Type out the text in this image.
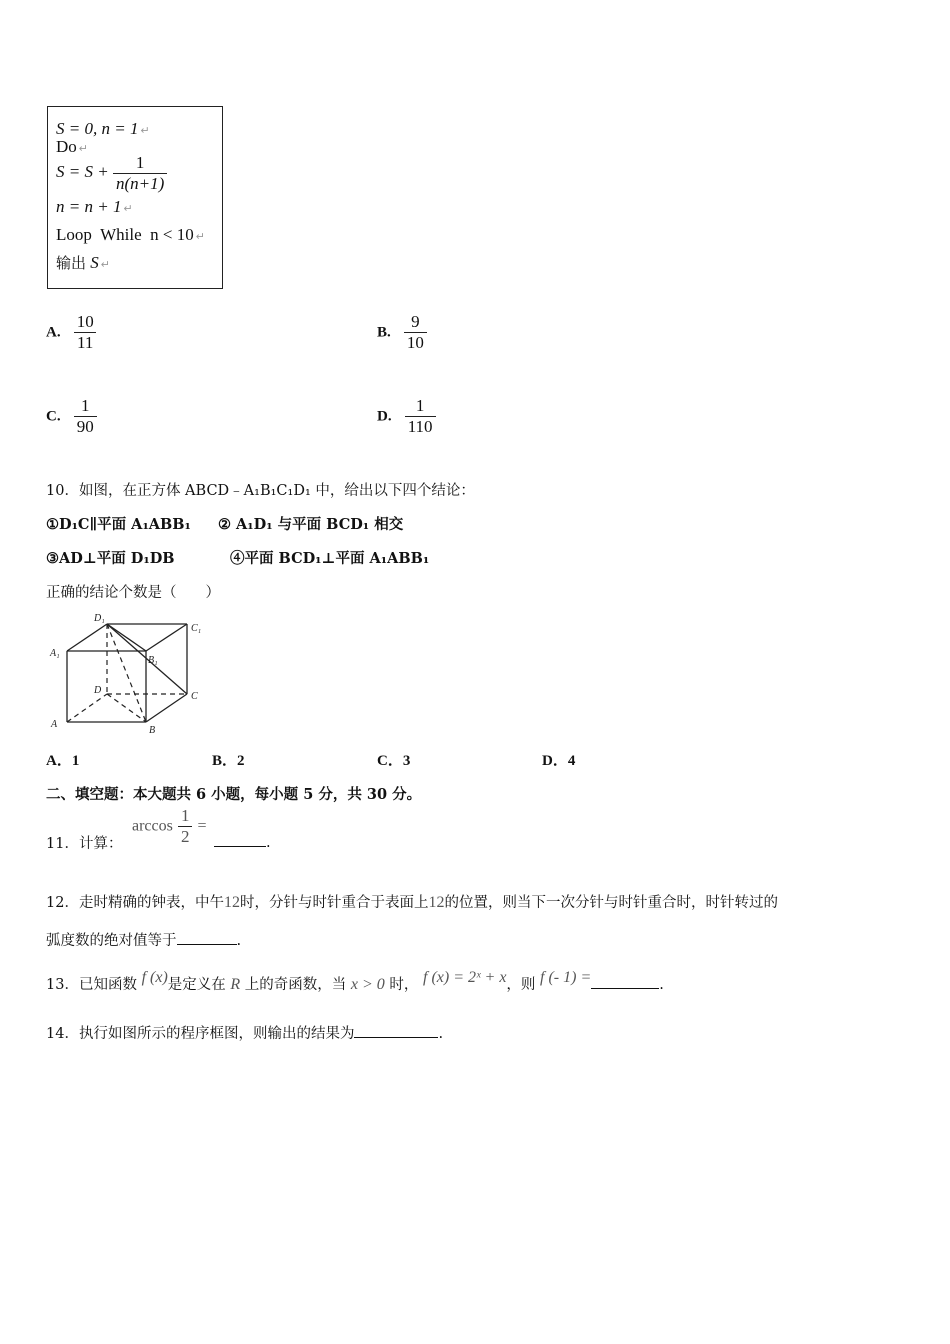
S = 0, n = 1 ↵
Do ↵
$S = S + \frac{1}{n(n+1)}$
n = n + 1 ↵
Loop  While  n < 10 ↵
输出 S ↵
A. $\frac{10}{11}$	B. $\frac{9}{10}$
C. $\frac{1}{90}$	D. $\frac{1}{110}$
10．如图，在正方体 ABCD﹣A₁B₁C₁D₁ 中，给出以下四个结论：
①D₁C∥平面 A₁ABB₁ ② A₁D₁ 与平面 BCD₁ 相交
③AD⊥平面 D₁DB	④平面 BCD₁⊥平面 A₁ABB₁
正确的结论个数是（　　）
D₁
C₁
A₁
B₁
D
C
A
B
A．1	B．2	C．3	D．4
二、填空题：本大题共 6 小题，每小题 5 分，共 30 分。
11．计算：
$\arccos \frac{1}{2}$ =
.
12．走时精确的钟表，中午12时，分针与时针重合于表面上12的位置，则当下一次分针与时针重合时，时针转过的
弧度数的绝对值等于	.
13．已知函数 f (x)是定义在 R 上的奇函数，当 x > 0 时， f (x) = 2ˣ + x，则 f (- 1) =	.
14．执行如图所示的程序框图，则输出的结果为	.
